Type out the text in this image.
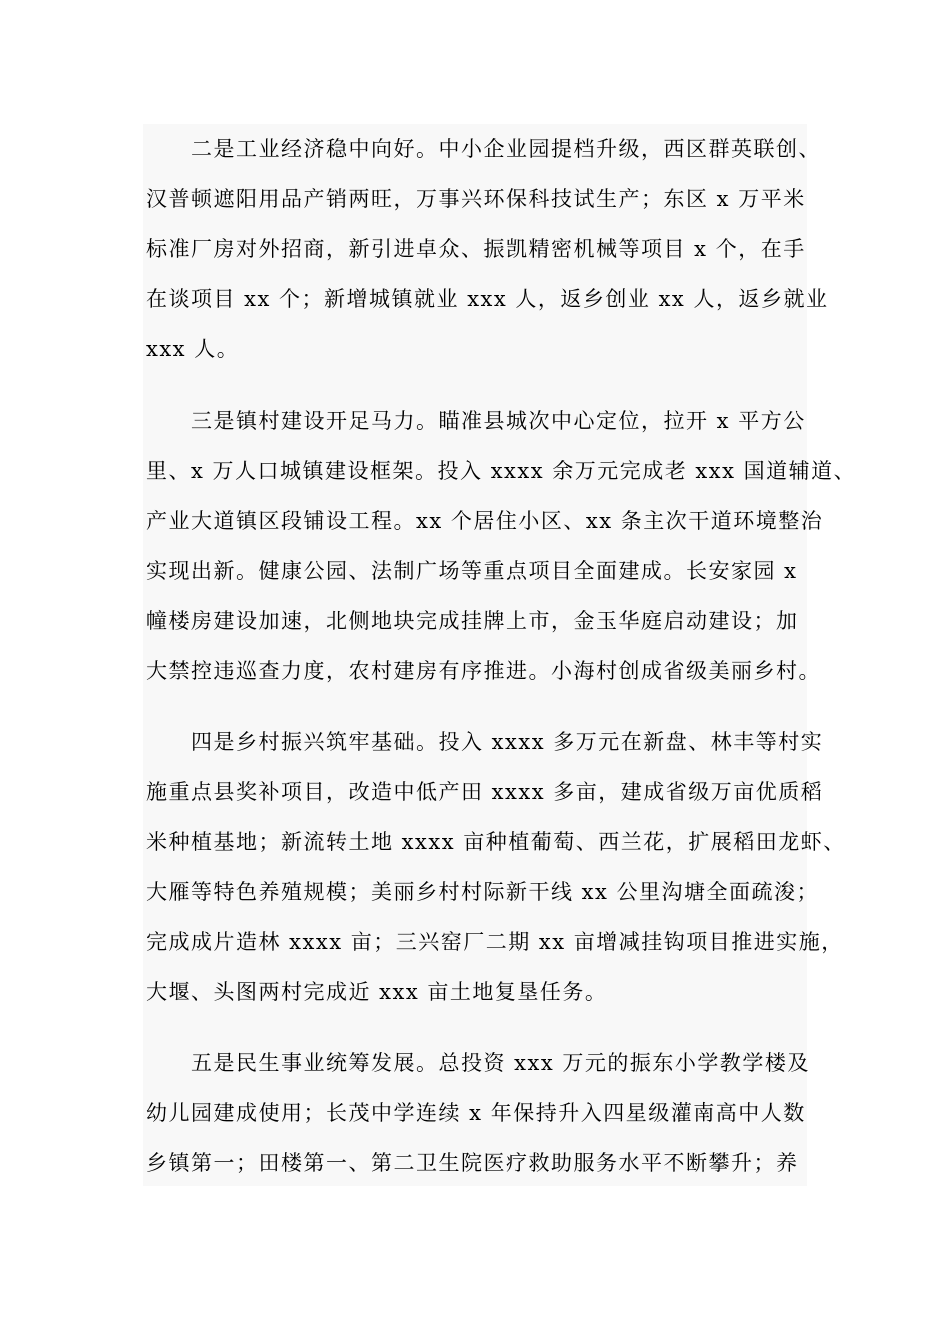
　　二是工业经济稳中向好。中小企业园提档升级，西区群英联创、
汉普顿遮阳用品产销两旺，万事兴环保科技试生产；东区 x 万平米
标准厂房对外招商，新引进卓众、振凯精密机械等项目 x 个，在手
在谈项目 xx 个；新增城镇就业 xxx 人，返乡创业 xx 人，返乡就业
xxx 人。

　　三是镇村建设开足马力。瞄准县城次中心定位，拉开 x 平方公
里、x 万人口城镇建设框架。投入 xxxx 余万元完成老 xxx 国道辅道、
产业大道镇区段铺设工程。xx 个居住小区、xx 条主次干道环境整治
实现出新。健康公园、法制广场等重点项目全面建成。长安家园 x
幢楼房建设加速，北侧地块完成挂牌上市，金玉华庭启动建设；加
大禁控违巡查力度，农村建房有序推进。小海村创成省级美丽乡村。

　　四是乡村振兴筑牢基础。投入 xxxx 多万元在新盘、林丰等村实
施重点县奖补项目，改造中低产田 xxxx 多亩，建成省级万亩优质稻
米种植基地；新流转土地 xxxx 亩种植葡萄、西兰花，扩展稻田龙虾、
大雁等特色养殖规模；美丽乡村村际新干线 xx 公里沟塘全面疏浚；
完成成片造林 xxxx 亩；三兴窑厂二期 xx 亩增减挂钩项目推进实施，
大堰、头图两村完成近 xxx 亩土地复垦任务。

　　五是民生事业统筹发展。总投资 xxx 万元的振东小学教学楼及
幼儿园建成使用；长茂中学连续 x 年保持升入四星级灌南高中人数
乡镇第一；田楼第一、第二卫生院医疗救助服务水平不断攀升；养
